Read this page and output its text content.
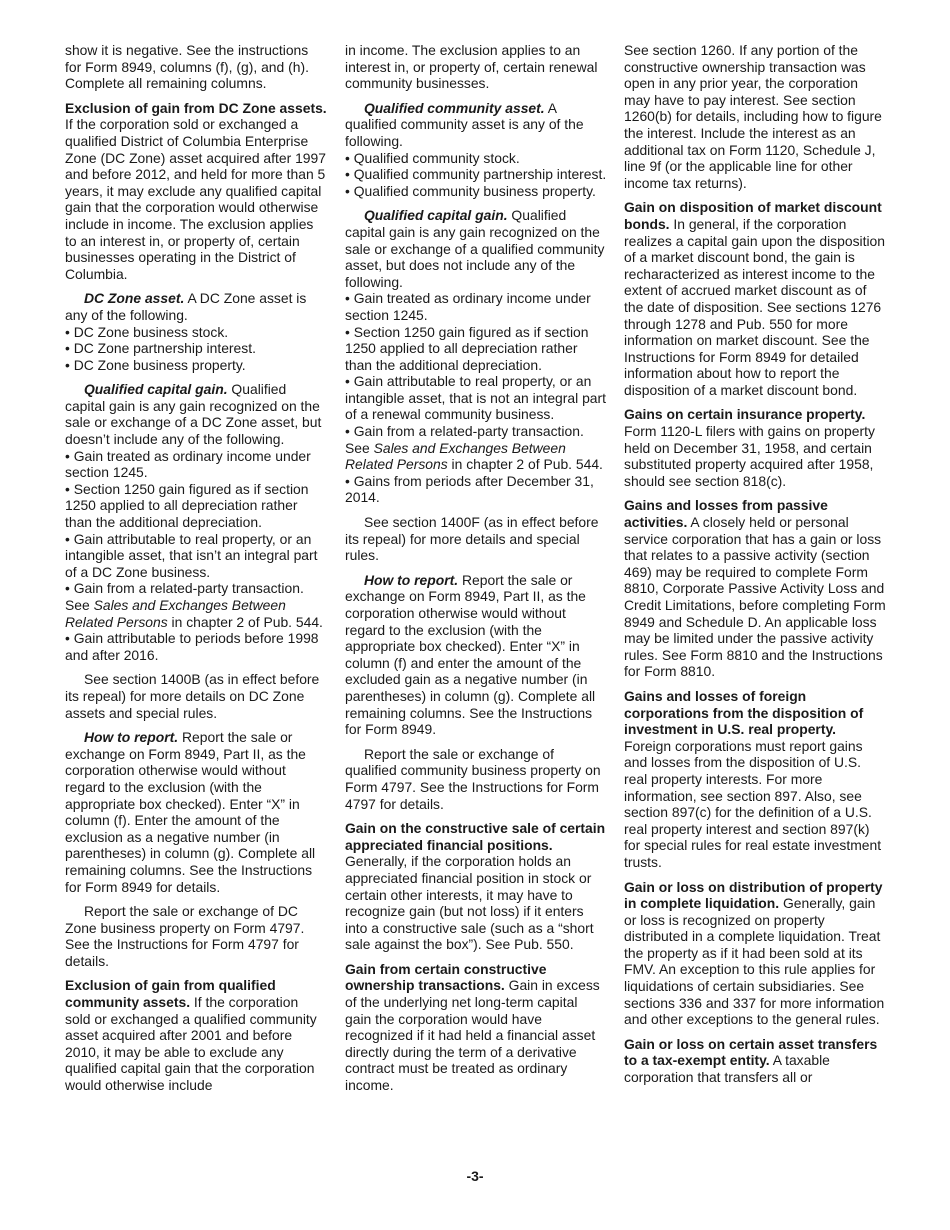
show it is negative. See the instructions for Form 8949, columns (f), (g), and (h). Complete all remaining columns.
Exclusion of gain from DC Zone assets. If the corporation sold or exchanged a qualified District of Columbia Enterprise Zone (DC Zone) asset acquired after 1997 and before 2012, and held for more than 5 years, it may exclude any qualified capital gain that the corporation would otherwise include in income. The exclusion applies to an interest in, or property of, certain businesses operating in the District of Columbia.
DC Zone asset. A DC Zone asset is any of the following.
• DC Zone business stock.
• DC Zone partnership interest.
• DC Zone business property.
Qualified capital gain. Qualified capital gain is any gain recognized on the sale or exchange of a DC Zone asset, but doesn’t include any of the following.
• Gain treated as ordinary income under section 1245.
• Section 1250 gain figured as if section 1250 applied to all depreciation rather than the additional depreciation.
• Gain attributable to real property, or an intangible asset, that isn’t an integral part of a DC Zone business.
• Gain from a related-party transaction. See Sales and Exchanges Between Related Persons in chapter 2 of Pub. 544.
• Gain attributable to periods before 1998 and after 2016.
See section 1400B (as in effect before its repeal) for more details on DC Zone assets and special rules.
How to report. Report the sale or exchange on Form 8949, Part II, as the corporation otherwise would without regard to the exclusion (with the appropriate box checked). Enter “X” in column (f). Enter the amount of the exclusion as a negative number (in parentheses) in column (g). Complete all remaining columns. See the Instructions for Form 8949 for details.
Report the sale or exchange of DC Zone business property on Form 4797. See the Instructions for Form 4797 for details.
Exclusion of gain from qualified community assets. If the corporation sold or exchanged a qualified community asset acquired after 2001 and before 2010, it may be able to exclude any qualified capital gain that the corporation would otherwise include
in income. The exclusion applies to an interest in, or property of, certain renewal community businesses.
Qualified community asset. A qualified community asset is any of the following.
• Qualified community stock.
• Qualified community partnership interest.
• Qualified community business property.
Qualified capital gain. Qualified capital gain is any gain recognized on the sale or exchange of a qualified community asset, but does not include any of the following.
• Gain treated as ordinary income under section 1245.
• Section 1250 gain figured as if section 1250 applied to all depreciation rather than the additional depreciation.
• Gain attributable to real property, or an intangible asset, that is not an integral part of a renewal community business.
• Gain from a related-party transaction. See Sales and Exchanges Between Related Persons in chapter 2 of Pub. 544.
• Gains from periods after December 31, 2014.
See section 1400F (as in effect before its repeal) for more details and special rules.
How to report. Report the sale or exchange on Form 8949, Part II, as the corporation otherwise would without regard to the exclusion (with the appropriate box checked). Enter “X” in column (f) and enter the amount of the excluded gain as a negative number (in parentheses) in column (g). Complete all remaining columns. See the Instructions for Form 8949.
Report the sale or exchange of qualified community business property on Form 4797. See the Instructions for Form 4797 for details.
Gain on the constructive sale of certain appreciated financial positions. Generally, if the corporation holds an appreciated financial position in stock or certain other interests, it may have to recognize gain (but not loss) if it enters into a constructive sale (such as a “short sale against the box”). See Pub. 550.
Gain from certain constructive ownership transactions. Gain in excess of the underlying net long-term capital gain the corporation would have recognized if it had held a financial asset directly during the term of a derivative contract must be treated as ordinary income.
See section 1260. If any portion of the constructive ownership transaction was open in any prior year, the corporation may have to pay interest. See section 1260(b) for details, including how to figure the interest. Include the interest as an additional tax on Form 1120, Schedule J, line 9f (or the applicable line for other income tax returns).
Gain on disposition of market discount bonds. In general, if the corporation realizes a capital gain upon the disposition of a market discount bond, the gain is recharacterized as interest income to the extent of accrued market discount as of the date of disposition. See sections 1276 through 1278 and Pub. 550 for more information on market discount. See the Instructions for Form 8949 for detailed information about how to report the disposition of a market discount bond.
Gains on certain insurance property. Form 1120-L filers with gains on property held on December 31, 1958, and certain substituted property acquired after 1958, should see section 818(c).
Gains and losses from passive activities. A closely held or personal service corporation that has a gain or loss that relates to a passive activity (section 469) may be required to complete Form 8810, Corporate Passive Activity Loss and Credit Limitations, before completing Form 8949 and Schedule D. An applicable loss may be limited under the passive activity rules. See Form 8810 and the Instructions for Form 8810.
Gains and losses of foreign corporations from the disposition of investment in U.S. real property. Foreign corporations must report gains and losses from the disposition of U.S. real property interests. For more information, see section 897. Also, see section 897(c) for the definition of a U.S. real property interest and section 897(k) for special rules for real estate investment trusts.
Gain or loss on distribution of property in complete liquidation. Generally, gain or loss is recognized on property distributed in a complete liquidation. Treat the property as if it had been sold at its FMV. An exception to this rule applies for liquidations of certain subsidiaries. See sections 336 and 337 for more information and other exceptions to the general rules.
Gain or loss on certain asset transfers to a tax-exempt entity. A taxable corporation that transfers all or
-3-
